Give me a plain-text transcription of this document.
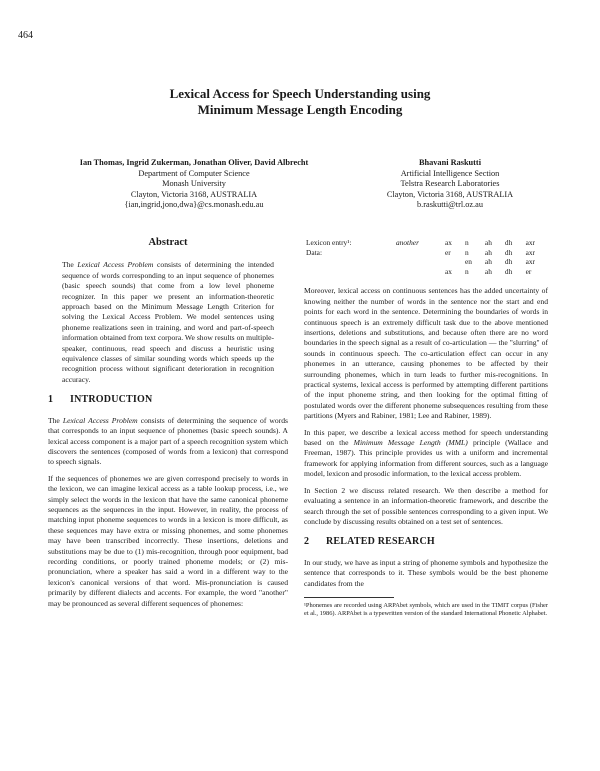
464
Lexical Access for Speech Understanding using
Minimum Message Length Encoding
Ian Thomas, Ingrid Zukerman, Jonathan Oliver, David Albrecht
Department of Computer Science
Monash University
Clayton, Victoria 3168, AUSTRALIA
{ian,ingrid,jono,dwa}@cs.monash.edu.au
Bhavani Raskutti
Artificial Intelligence Section
Telstra Research Laboratories
Clayton, Victoria 3168, AUSTRALIA
b.raskutti@trl.oz.au
Abstract

The Lexical Access Problem consists of determining the intended sequence of words corresponding to an input sequence of phonemes (basic speech sounds) that come from a low level phoneme recognizer. In this paper we present an information-theoretic approach based on the Minimum Message Length Criterion for solving the Lexical Access Problem. We model sentences using phoneme realizations seen in training, and word and part-of-speech information obtained from text corpora. We show results on multiple-speaker, continuous, read speech and discuss a heuristic using equivalence classes of similar sounding words which speeds up the recognition process without significant deterioration in recognition accuracy.

1 INTRODUCTION

The Lexical Access Problem consists of determining the sequence of words that corresponds to an input sequence of phonemes (basic speech sounds). A lexical access component is a major part of a speech recognition system which discovers the sentences (composed of words from a lexicon) that correspond to speech signals.

If the sequences of phonemes we are given correspond precisely to words in the lexicon, we can imagine lexical access as a table lookup process, i.e., we simply select the words in the lexicon that have the same canonical phoneme sequences as the sequences in the input. However, in reality, the process of matching input phoneme sequences to words in a lexicon is more difficult, as these sequences may have extra or missing phonemes, and some phonemes may have been transcribed incorrectly. These insertions, deletions and substitutions may be due to (1) mis-recognition, through poor equipment, bad recording conditions, or poorly trained phoneme models; or (2) mis-pronunciation, where a speaker has said a word in a different way to the lexicon's canonical versions of that word. Mis-pronunciation is caused primarily by different dialects and accents. For example, the word "another" may be pronounced as several different sequences of phonemes:

Lexicon entry¹:	another	ax	n	ah	dh	axr
Data:		er	n	ah	dh	axr
			en	ah	dh	axr
		ax	n	ah	dh	er

Moreover, lexical access on continuous sentences has the added uncertainty of knowing neither the number of words in the sentence nor the start and end points for each word in the sentence. Determining the boundaries of words in continuous speech is an extremely difficult task due to the above mentioned insertions, deletions and substitutions, and because often there are no word boundaries in the speech signal as a result of co-articulation — the "slurring" of sounds in continuous speech. The co-articulation effect can occur in any phonemes in an utterance, causing phonemes to be affected by their surrounding phonemes, which in turn leads to further mis-recognitions. In practical systems, lexical access is performed by attempting different partitions of the input phoneme string, and then looking for the optimal fitting of postulated words over the different phoneme subsequences resulting from these partitions (Myers and Rabiner, 1981; Lee and Rabiner, 1989).

In this paper, we describe a lexical access method for speech understanding based on the Minimum Message Length (MML) principle (Wallace and Freeman, 1987). This principle provides us with a uniform and incremental framework for applying information from different sources, such as a language model, lexicon and prosodic information, to the lexical access problem.

In Section 2 we discuss related research. We then describe a method for evaluating a sentence in an information-theoretic framework, and describe the search through the set of possible sentences corresponding to a given input. We conclude by discussing results obtained on a test set of sentences.

2 RELATED RESEARCH

In our study, we have as input a string of phoneme symbols and hypothesize the sentence that corresponds to it. These symbols would be the best phoneme candidates from the

¹Phonemes are recorded using ARPAbet symbols, which are used in the TIMIT corpus (Fisher et al., 1986). ARPAbet is a typewritten version of the standard International Phonetic Alphabet.
